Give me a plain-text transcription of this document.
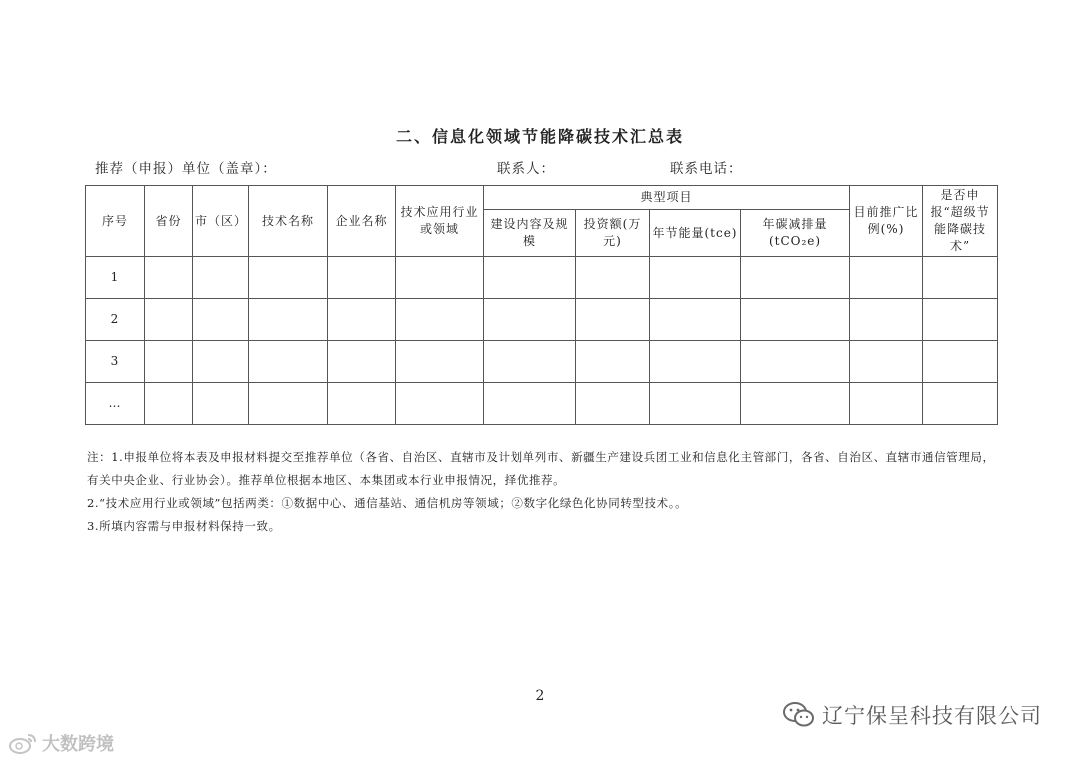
二、信息化领域节能降碳技术汇总表
推荐（申报）单位（盖章）：	联系人：	联系电话：
序号	省份	市（区）	技术名称	企业名称	技术应用行业或领域	典型项目				目前推广比例(%)	是否申报“超级节能降碳技术”
						建设内容及规模	投资额(万元)	年节能量(tce)	年碳减排量(tCO₂e)		
1											
2											
3											
…											

注：1.申报单位将本表及申报材料提交至推荐单位（各省、自治区、直辖市及计划单列市、新疆生产建设兵团工业和信息化主管部门，各省、自治区、直辖市通信管理局，有关中央企业、行业协会）。推荐单位根据本地区、本集团或本行业申报情况，择优推荐。

2.“技术应用行业或领域”包括两类：①数据中心、通信基站、通信机房等领域；②数字化绿色化协同转型技术。。

3.所填内容需与申报材料保持一致。

2
辽宁保呈科技有限公司
大数跨境
